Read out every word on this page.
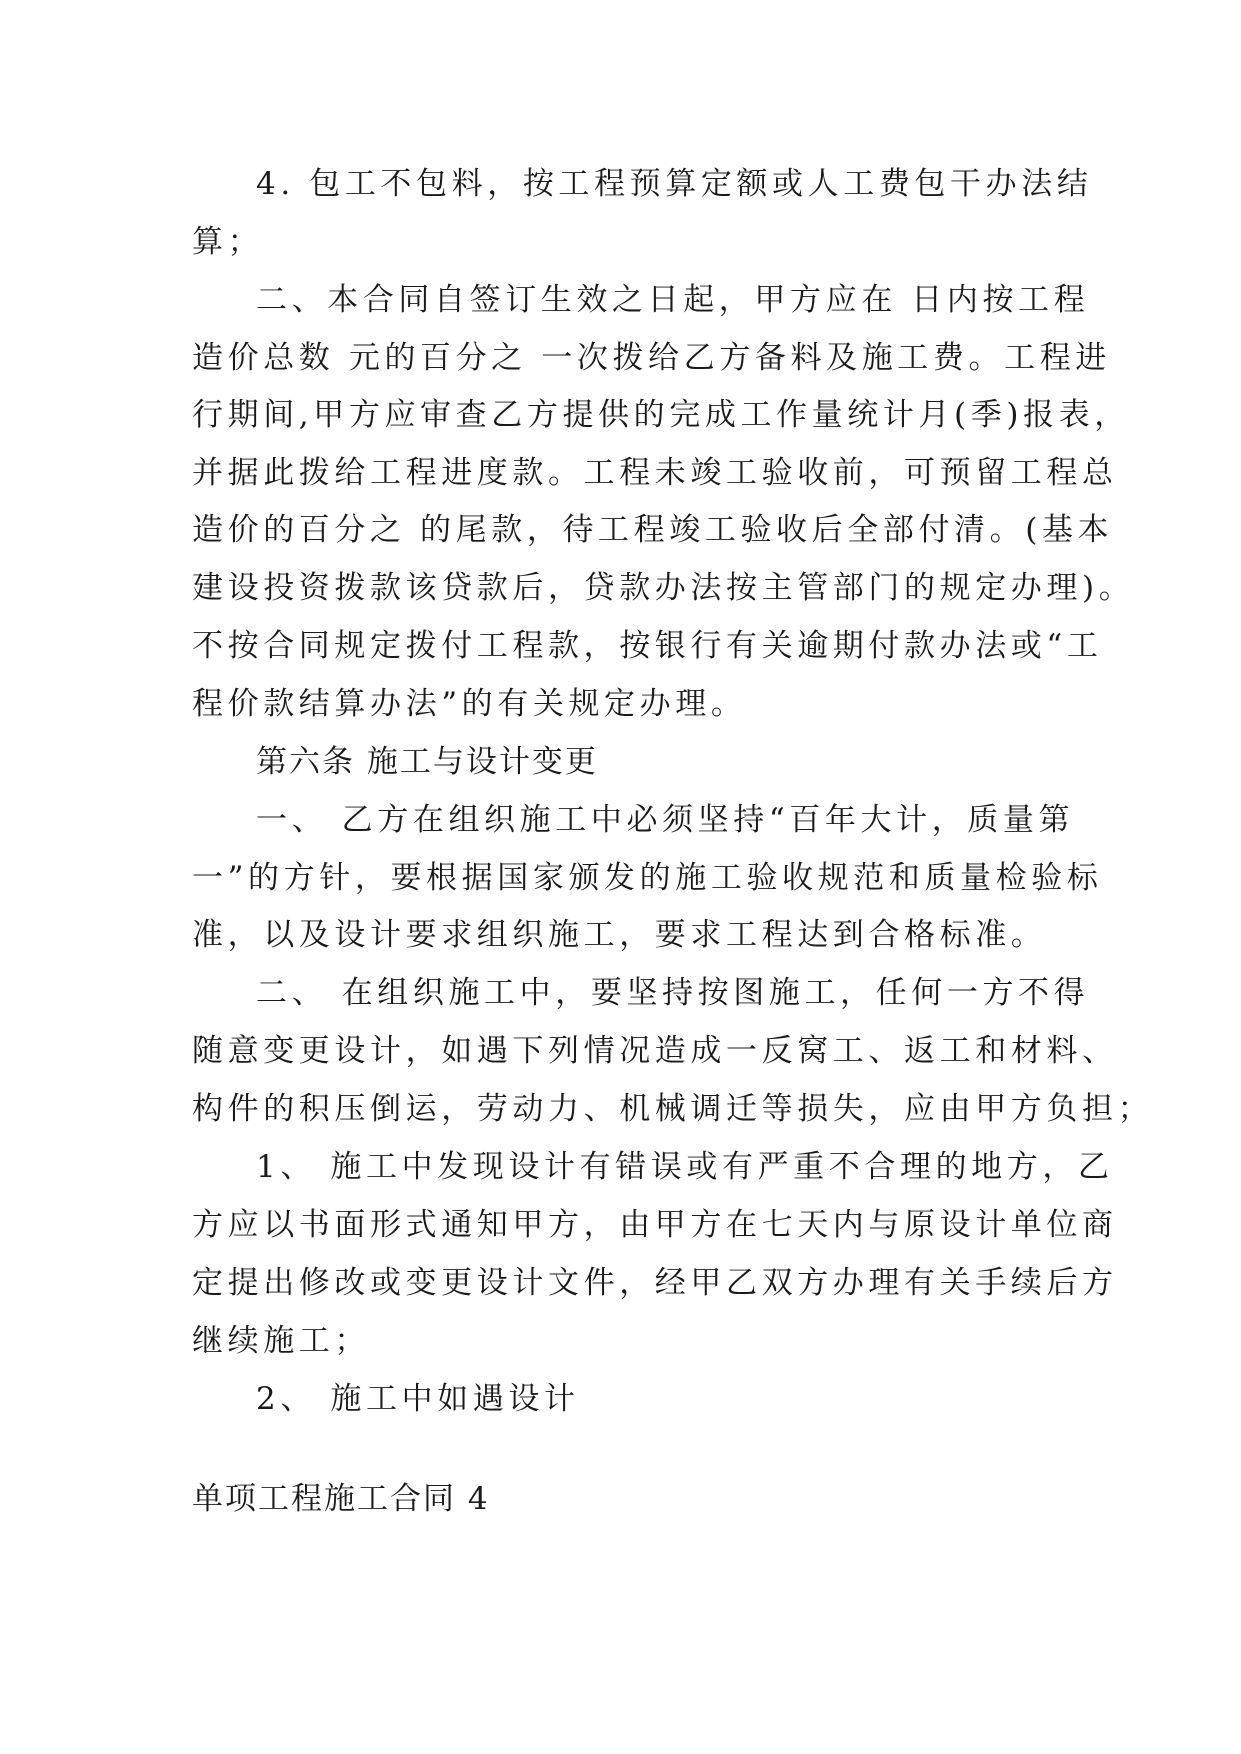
4. 包工不包料，按工程预算定额或人工费包干办法结
算；
二、本合同自签订生效之日起，甲方应在 日内按工程
造价总数 元的百分之 一次拨给乙方备料及施工费。工程进
行期间,甲方应审查乙方提供的完成工作量统计月(季)报表，
并据此拨给工程进度款。工程未竣工验收前，可预留工程总
造价的百分之 的尾款，待工程竣工验收后全部付清。(基本
建设投资拨款该贷款后，贷款办法按主管部门的规定办理)。
不按合同规定拨付工程款，按银行有关逾期付款办法或“工
程价款结算办法”的有关规定办理。
第六条 施工与设计变更
一、 乙方在组织施工中必须坚持“百年大计，质量第
一”的方针，要根据国家颁发的施工验收规范和质量检验标
准，以及设计要求组织施工，要求工程达到合格标准。
二、 在组织施工中，要坚持按图施工，任何一方不得
随意变更设计，如遇下列情况造成一反窝工、返工和材料、
构件的积压倒运，劳动力、机械调迁等损失，应由甲方负担；
1、 施工中发现设计有错误或有严重不合理的地方，乙
方应以书面形式通知甲方，由甲方在七天内与原设计单位商
定提出修改或变更设计文件，经甲乙双方办理有关手续后方
继续施工；
2、 施工中如遇设计
单项工程施工合同 4
